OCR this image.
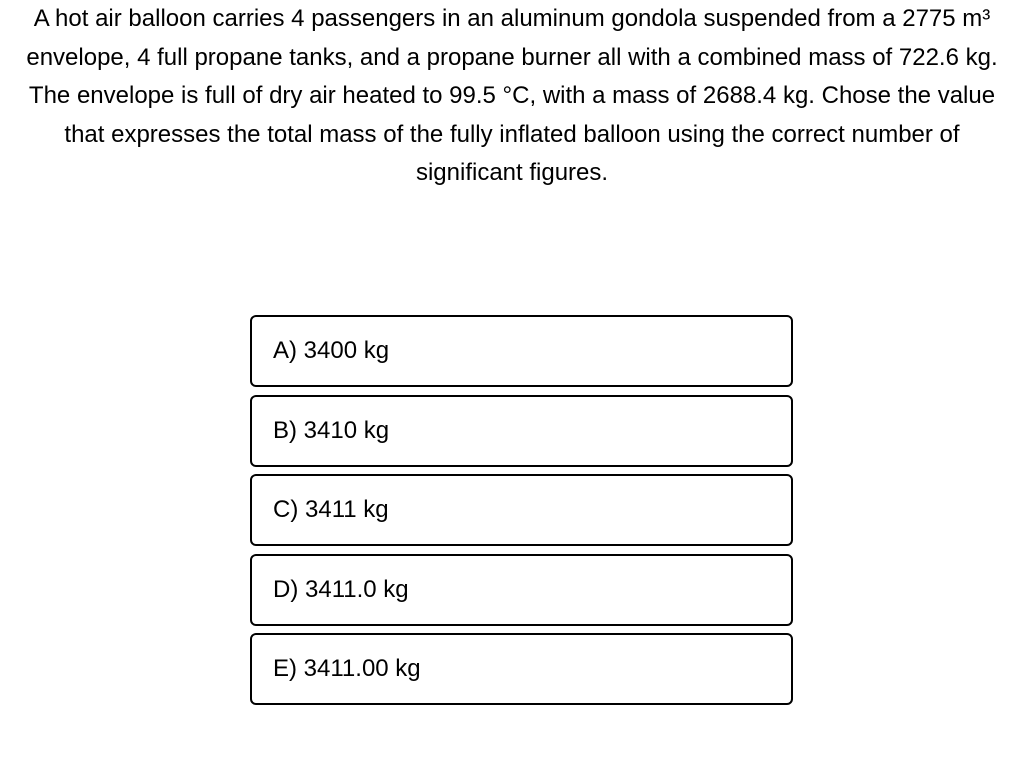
A hot air balloon carries 4 passengers in an aluminum gondola suspended from a 2775 m³ envelope, 4 full propane tanks, and a propane burner all with a combined mass of 722.6 kg. The envelope is full of dry air heated to 99.5 °C, with a mass of 2688.4 kg. Chose the value that expresses the total mass of the fully inflated balloon using the correct number of significant figures.

A) 3400 kg
B) 3410 kg
C) 3411 kg
D) 3411.0 kg
E) 3411.00 kg
